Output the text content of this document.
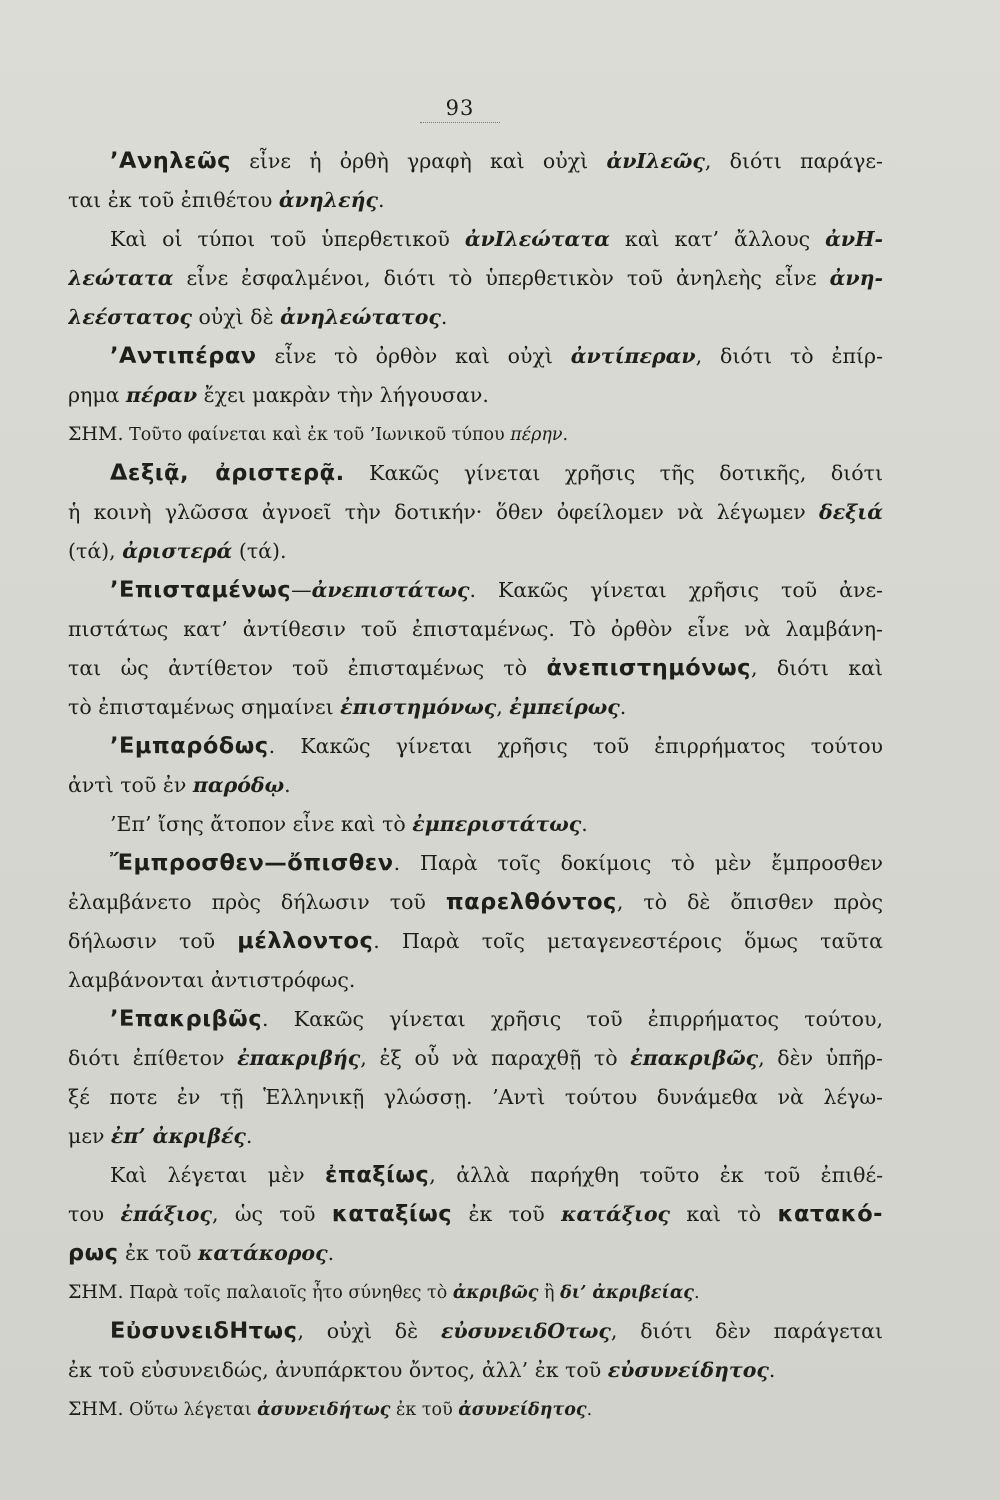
93
’Ανηλεῶς εἶνε ἡ ὀρθὴ γραφὴ καὶ οὐχὶ ἀνΙλεῶς, διότι παράγε-
ται ἐκ τοῦ ἐπιθέτου ἀνηλεής.
Καὶ οἱ τύποι τοῦ ὑπερθετικοῦ ἀνΙλεώτατα καὶ κατ’ ἄλλους ἀνΗ-
λεώτατα εἶνε ἐσφαλμένοι, διότι τὸ ὑπερθετικὸν τοῦ ἀνηλεὴς εἶνε ἀνη-
λεέστατος οὐχὶ δὲ ἀνηλεώτατος.
’Αντιπέραν εἶνε τὸ ὀρθὸν καὶ οὐχὶ ἀντίπεραν, διότι τὸ ἐπίρ-
ρημα πέραν ἔχει μακρὰν τὴν λήγουσαν.
ΣΗΜ. Τοῦτο φαίνεται καὶ ἐκ τοῦ ’Ιωνικοῦ τύπου πέρην.
Δεξιᾷ, ἀριστερᾷ. Κακῶς γίνεται χρῆσις τῆς δοτικῆς, διότι
ἡ κοινὴ γλῶσσα ἀγνοεῖ τὴν δοτικήν· ὅθεν ὀφείλομεν νὰ λέγωμεν δεξιά
(τά), ἀριστερά (τά).
’Επισταμένως—ἀνεπιστάτως. Κακῶς γίνεται χρῆσις τοῦ ἀνε-
πιστάτως κατ’ ἀντίθεσιν τοῦ ἐπισταμένως. Τὸ ὀρθὸν εἶνε νὰ λαμβάνη-
ται ὡς ἀντίθετον τοῦ ἐπισταμένως τὸ ἀνεπιστημόνως, διότι καὶ
τὸ ἐπισταμένως σημαίνει ἐπιστημόνως, ἐμπείρως.
’Εμπαρόδως. Κακῶς γίνεται χρῆσις τοῦ ἐπιρρήματος τούτου
ἀντὶ τοῦ ἐν παρόδῳ.
’Επ’ ἴσης ἄτοπον εἶνε καὶ τὸ ἐμπεριστάτως.
Ἔμπροσθεν—ὄπισθεν. Παρὰ τοῖς δοκίμοις τὸ μὲν ἔμπροσθεν
ἐλαμβάνετο πρὸς δήλωσιν τοῦ παρελθόντος, τὸ δὲ ὄπισθεν πρὸς
δήλωσιν τοῦ μέλλοντος. Παρὰ τοῖς μεταγενεστέροις ὅμως ταῦτα
λαμβάνονται ἀντιστρόφως.
’Επακριβῶς. Κακῶς γίνεται χρῆσις τοῦ ἐπιρρήματος τούτου,
διότι ἐπίθετον ἐπακριβής, ἐξ οὗ νὰ παραχθῇ τὸ ἐπακριβῶς, δὲν ὑπῆρ-
ξέ ποτε ἐν τῇ Ἑλληνικῇ γλώσσῃ. ’Αντὶ τούτου δυνάμεθα νὰ λέγω-
μεν ἐπ’ ἀκριβές.
Καὶ λέγεται μὲν ἐπαξίως, ἀλλὰ παρήχθη τοῦτο ἐκ τοῦ ἐπιθέ-
του ἐπάξιος, ὡς τοῦ καταξίως ἐκ τοῦ κατάξιος καὶ τὸ κατακό-
ρως ἐκ τοῦ κατάκορος.
ΣΗΜ. Παρὰ τοῖς παλαιοῖς ἦτο σύνηθες τὸ ἀκριβῶς ἢ δι’ ἀκριβείας.
ΕὐσυνειδΗτως, οὐχὶ δὲ εὐσυνειδΟτως, διότι δὲν παράγεται
ἐκ τοῦ εὐσυνειδώς, ἀνυπάρκτου ὄντος, ἀλλ’ ἐκ τοῦ εὐσυνείδητος.
ΣΗΜ. Οὕτω λέγεται ἀσυνειδήτως ἐκ τοῦ ἀσυνείδητος.
